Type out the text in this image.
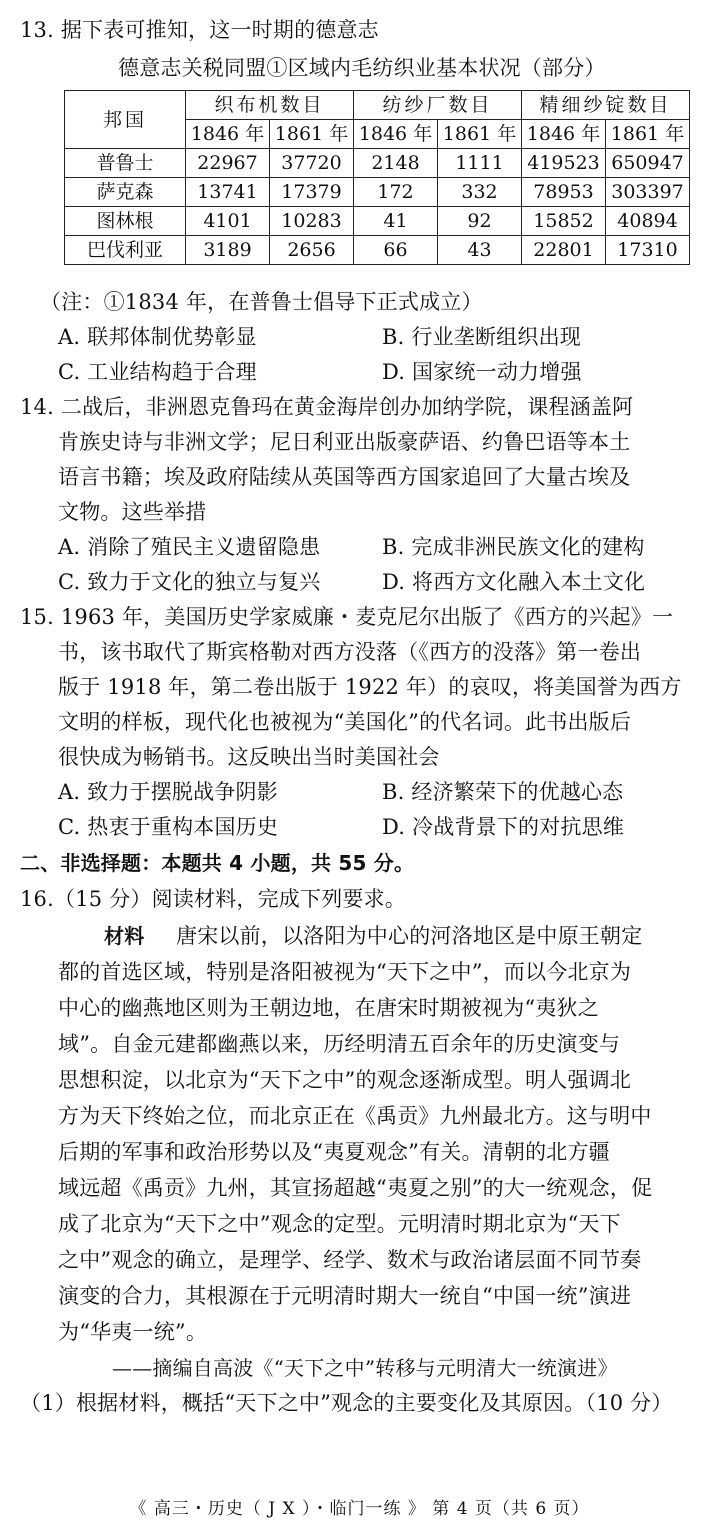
13. 据下表可推知，这一时期的德意志
德意志关税同盟①区域内毛纺织业基本状况（部分）
邦国	织布机数目		纺纱厂数目		精细纱锭数目	
	1846 年	1861 年	1846 年	1861 年	1846 年	1861 年
普鲁士	22967	37720	2148	1111	419523	650947
萨克森	13741	17379	172	332	78953	303397
图林根	4101	10283	41	92	15852	40894
巴伐利亚	3189	2656	66	43	22801	17310
（注：①1834 年，在普鲁士倡导下正式成立）
A. 联邦体制优势彰显	B. 行业垄断组织出现
C. 工业结构趋于合理	D. 国家统一动力增强
14. 二战后，非洲恩克鲁玛在黄金海岸创办加纳学院，课程涵盖阿
肯族史诗与非洲文学；尼日利亚出版豪萨语、约鲁巴语等本土
语言书籍；埃及政府陆续从英国等西方国家追回了大量古埃及
文物。这些举措
A. 消除了殖民主义遗留隐患	B. 完成非洲民族文化的建构
C. 致力于文化的独立与复兴	D. 将西方文化融入本土文化
15. 1963 年，美国历史学家威廉・麦克尼尔出版了《西方的兴起》一
书，该书取代了斯宾格勒对西方没落（《西方的没落》第一卷出
版于 1918 年，第二卷出版于 1922 年）的哀叹，将美国誉为西方
文明的样板，现代化也被视为“美国化”的代名词。此书出版后
很快成为畅销书。这反映出当时美国社会
A. 致力于摆脱战争阴影	B. 经济繁荣下的优越心态
C. 热衷于重构本国历史	D. 冷战背景下的对抗思维
二、非选择题：本题共 4 小题，共 55 分。
16.（15 分）阅读材料，完成下列要求。
材料 唐宋以前，以洛阳为中心的河洛地区是中原王朝定
都的首选区域，特别是洛阳被视为“天下之中”，而以今北京为
中心的幽燕地区则为王朝边地，在唐宋时期被视为“夷狄之
域”。自金元建都幽燕以来，历经明清五百余年的历史演变与
思想积淀，以北京为“天下之中”的观念逐渐成型。明人强调北
方为天下终始之位，而北京正在《禹贡》九州最北方。这与明中
后期的军事和政治形势以及“夷夏观念”有关。清朝的北方疆
域远超《禹贡》九州，其宣扬超越“夷夏之别”的大一统观念，促
成了北京为“天下之中”观念的定型。元明清时期北京为“天下
之中”观念的确立，是理学、经学、数术与政治诸层面不同节奏
演变的合力，其根源在于元明清时期大一统自“中国一统”演进
为“华夷一统”。
——摘编自高波《“天下之中”转移与元明清大一统演进》
（1）根据材料，概括“天下之中”观念的主要变化及其原因。（10 分）
《 高三・历史（ J X ）・临门一练 》 第 4 页（共 6 页）
